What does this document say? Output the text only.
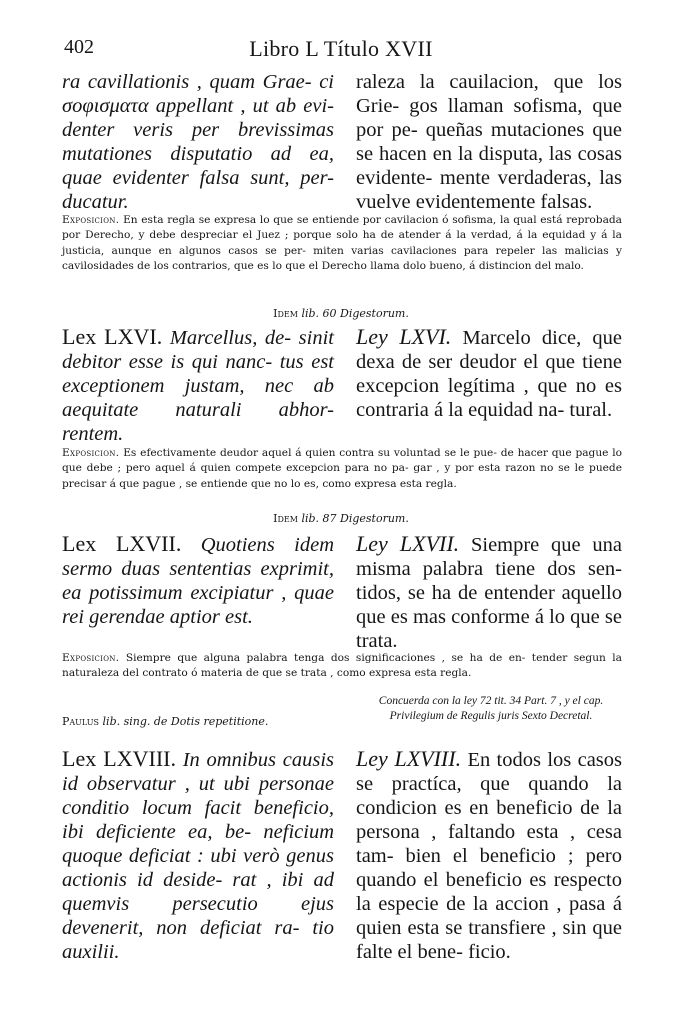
402	Libro L Título XVII
ra cavillationis , quam Grae- ci σοφισματα appellant , ut ab evi- denter veris per brevissimas mutationes disputatio ad ea, quae evidenter falsa sunt, per- ducatur.
raleza la cauilacion, que los Grie- gos llaman sofisma, que por pe- queñas mutaciones que se hacen en la disputa, las cosas evidente- mente verdaderas, las vuelve evidentemente falsas.
Exposicion. En esta regla se expresa lo que se entiende por cavilacion ó sofisma, la qual está reprobada por Derecho, y debe despreciar el Juez ; porque solo ha de atender á la verdad, á la equidad y á la justicia, aunque en algunos casos se per- miten varias cavilaciones para repeler las malicias y cavilosidades de los contrarios, que es lo que el Derecho llama dolo bueno, á distincion del malo.
Idem lib. 60 Digestorum.
Lex LXVI. Marcellus, de- sinit debitor esse is qui nanc- tus est exceptionem justam, nec ab aequitate naturali abhor- rentem.
Ley LXVI. Marcelo dice, que dexa de ser deudor el que tiene excepcion legítima , que no es contraria á la equidad na- tural.
Exposicion. Es efectivamente deudor aquel á quien contra su voluntad se le pue- de hacer que pague lo que debe ; pero aquel á quien compete excepcion para no pa- gar , y por esta razon no se le puede precisar á que pague , se entiende que no lo es, como expresa esta regla.
Idem lib. 87 Digestorum.
Lex LXVII. Quotiens idem sermo duas sententias exprimit, ea potissimum excipiatur , quae rei gerendae aptior est.
Ley LXVII. Siempre que una misma palabra tiene dos sen- tidos, se ha de entender aquello que es mas conforme á lo que se trata.
Exposicion. Siempre que alguna palabra tenga dos significaciones , se ha de en- tender segun la naturaleza del contrato ó materia de que se trata , como expresa esta regla.
Paulus lib. sing. de Dotis repetitione.
Concuerda con la ley 72 tit. 34 Part. 7 , y el cap. Privilegium de Regulis juris Sexto Decretal.
Lex LXVIII. In omnibus causis id observatur , ut ubi personae conditio locum facit beneficio, ibi deficiente ea, be- neficium quoque deficiat : ubi verò genus actionis id deside- rat , ibi ad quemvis persecutio ejus devenerit, non deficiat ra- tio auxilii.
Ley LXVIII. En todos los casos se practíca, que quando la condicion es en beneficio de la persona , faltando esta , cesa tam- bien el beneficio ; pero quando el beneficio es respecto la especie de la accion , pasa á quien esta se transfiere , sin que falte el bene- ficio.
